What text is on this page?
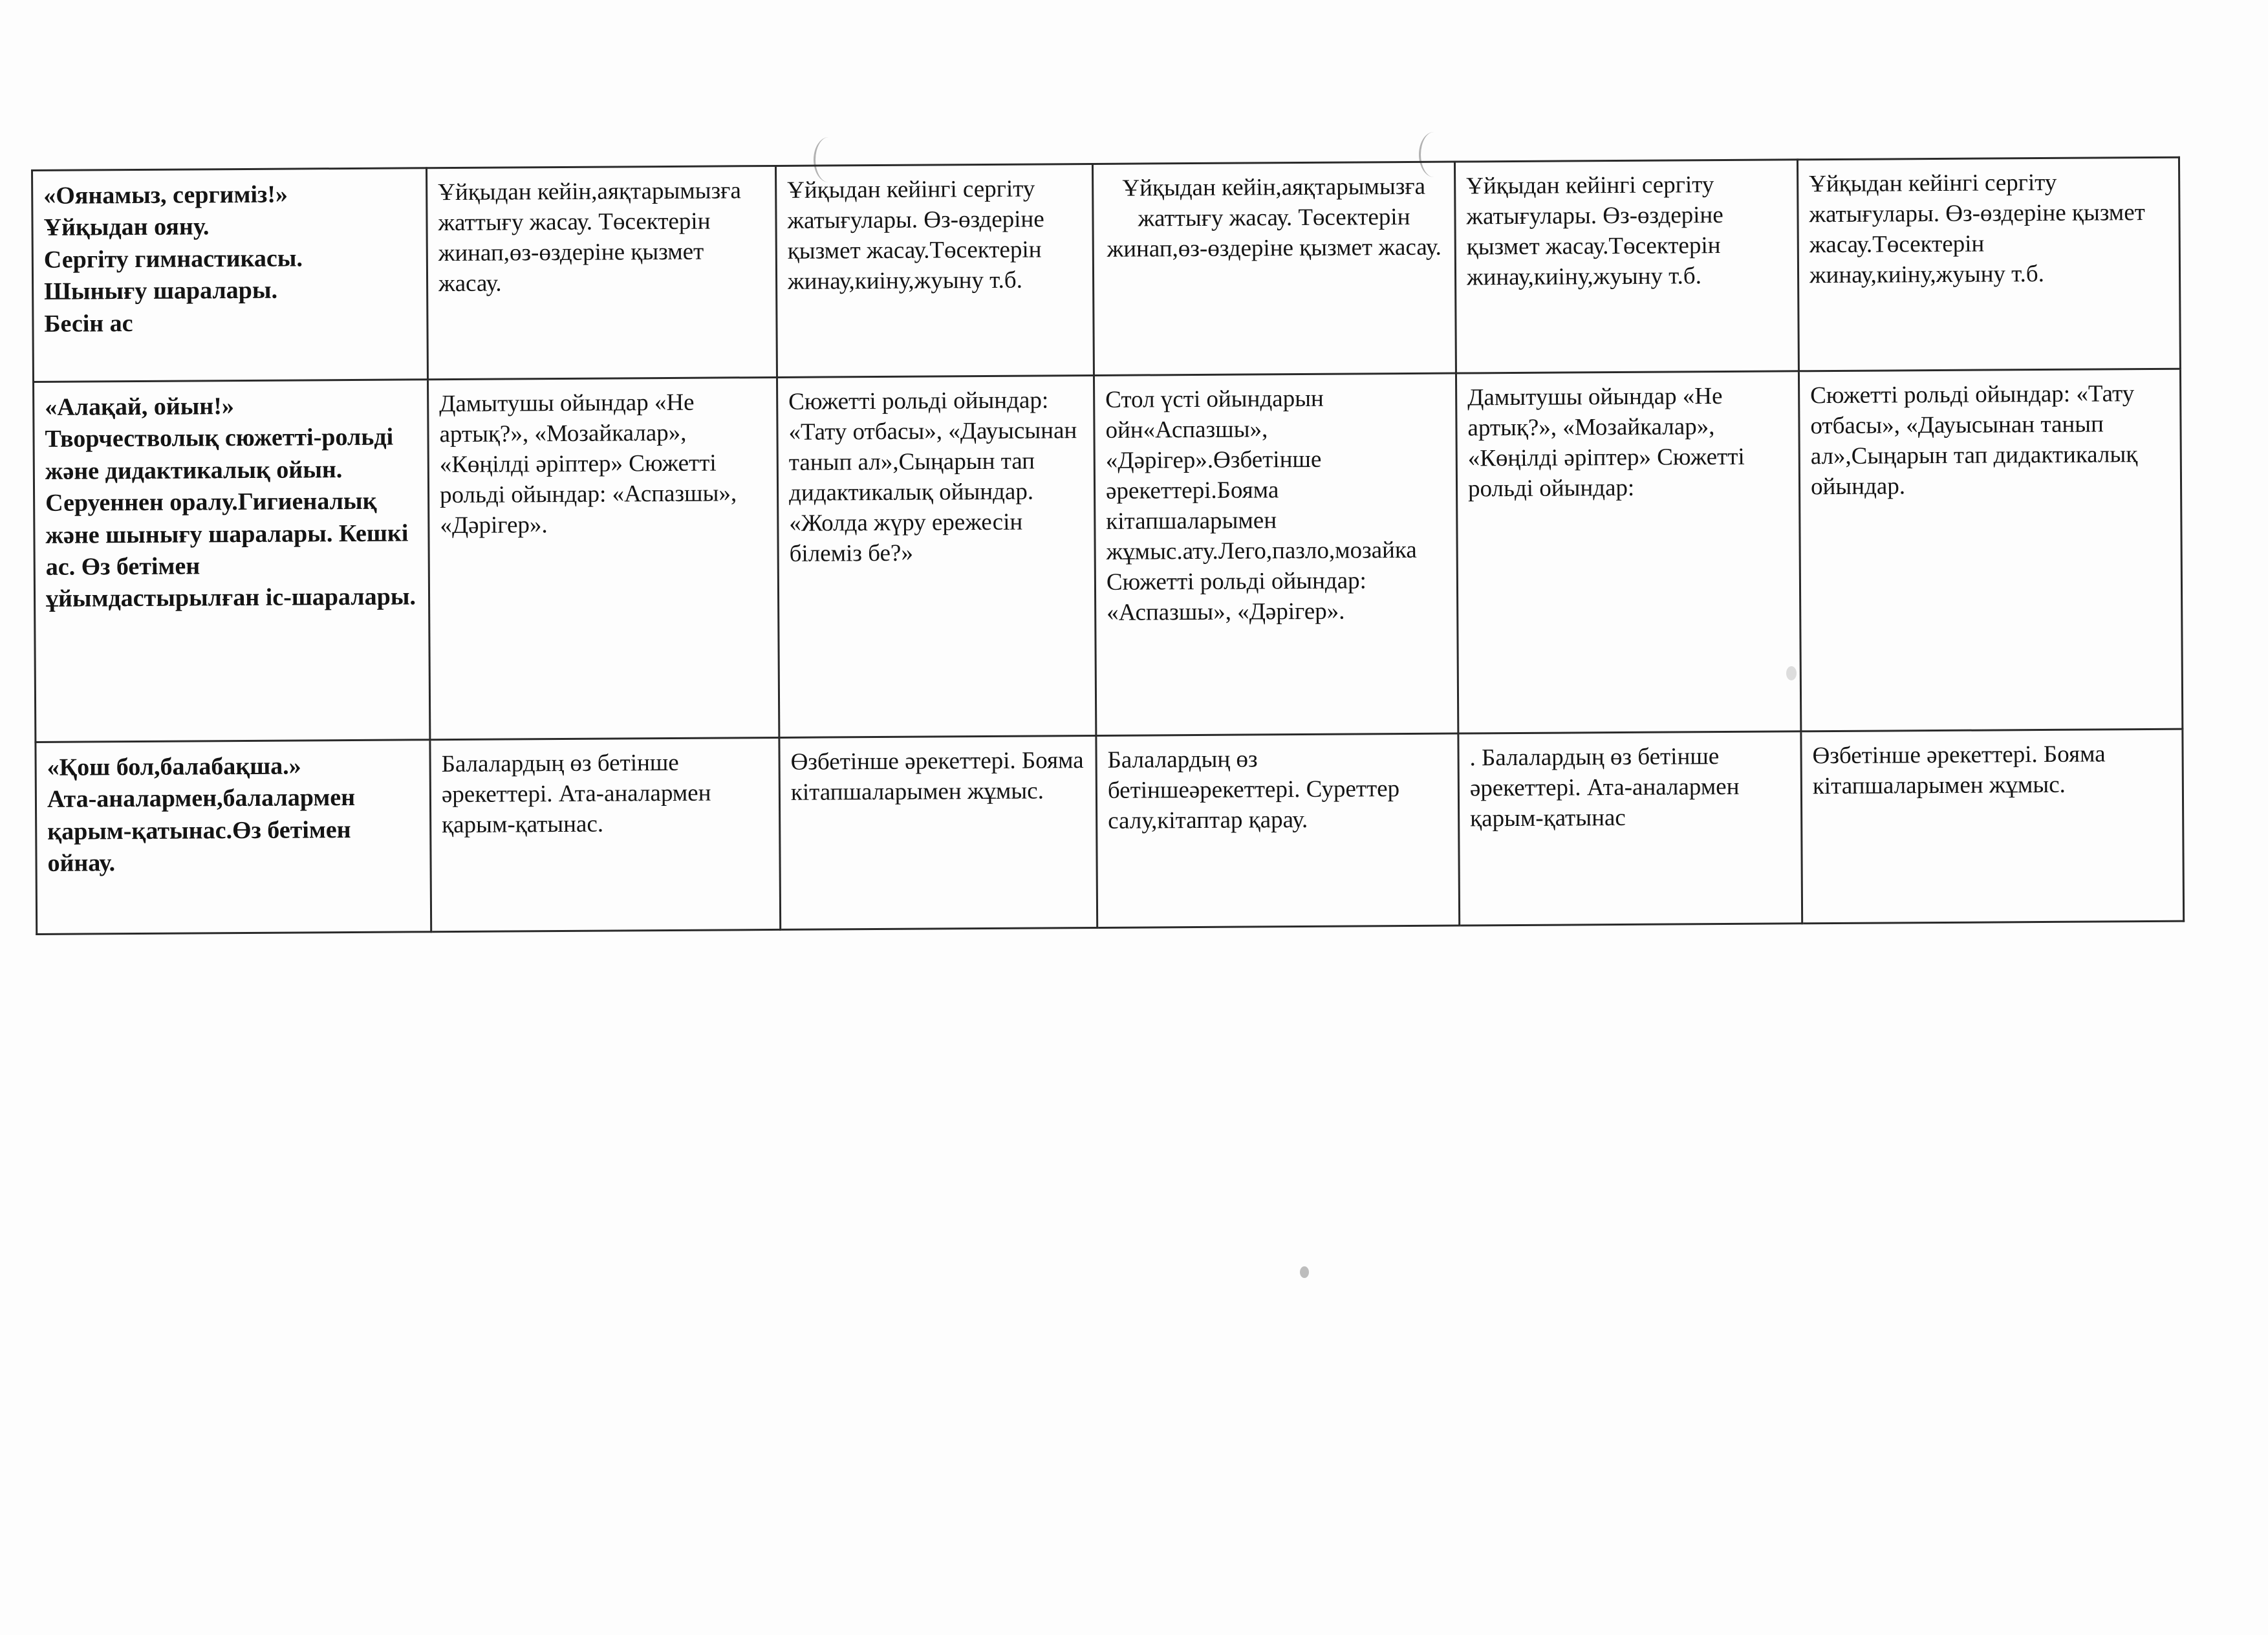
«Оянамыз, сергиміз!»
Ұйқыдан ояну.
Сергіту гимнастикасы.
Шынығу шаралары.
Бесін ас	Ұйқыдан кейін,аяқтарымызға жаттығу жасау. Төсектерін жинап,өз-өздеріне қызмет жасау.	Ұйқыдан кейінгі сергіту жатығулары. Өз-өздеріне қызмет жасау.Төсектерін жинау,киіну,жуыну т.б.	Ұйқыдан кейін,аяқтарымызға жаттығу жасау. Төсектерін жинап,өз-өздеріне қызмет жасау.	Ұйқыдан кейінгі сергіту жатығулары. Өз-өздеріне қызмет жасау.Төсектерін жинау,киіну,жуыну т.б.	Ұйқыдан кейінгі сергіту жатығулары. Өз-өздеріне қызмет жасау.Төсектерін жинау,киіну,жуыну т.б.

«Алақай, ойын!»
Творчестволық сюжетті-рольді және дидактикалық ойын.
Серуеннен оралу.Гигиеналық және шынығу шаралары. Кешкі ас. Өз бетімен ұйымдастырылған іс-шаралары.	Дамытушы ойындар «Не артық?», «Мозайкалар», «Көңілді әріптер» Сюжетті рольді ойындар: «Аспазшы», «Дәрігер».	Сюжетті рольді ойындар: «Тату отбасы», «Дауысынан танып ал»,Сыңарын тап дидактикалық ойындар. «Жолда жүру ережесін білеміз бе?»	Стол үсті ойындарын ойн«Аспазшы», «Дәрігер».Өзбетінше әрекеттері.Бояма кітапшаларымен жұмыс.ату.Лего,пазло,мозайка Сюжетті рольді ойындар: «Аспазшы», «Дәрігер».	Дамытушы ойындар «Не артық?», «Мозайкалар», «Көңілді әріптер» Сюжетті рольді ойындар:	Сюжетті рольді ойындар: «Тату отбасы», «Дауысынан танып ал»,Сыңарын тап дидактикалық ойындар.

«Қош бол,балабақша.»
Ата-аналармен,балалармен қарым-қатынас.Өз бетімен ойнау.	Балалардың өз бетінше әрекеттері. Ата-аналармен қарым-қатынас.	Өзбетінше әрекеттері. Бояма кітапшаларымен жұмыс.	Балалардың өз бетіншеәрекеттері. Суреттер салу,кітаптар қарау.	. Балалардың өз бетінше әрекеттері. Ата-аналармен қарым-қатынас	Өзбетінше әрекеттері. Бояма кітапшаларымен жұмыс.
